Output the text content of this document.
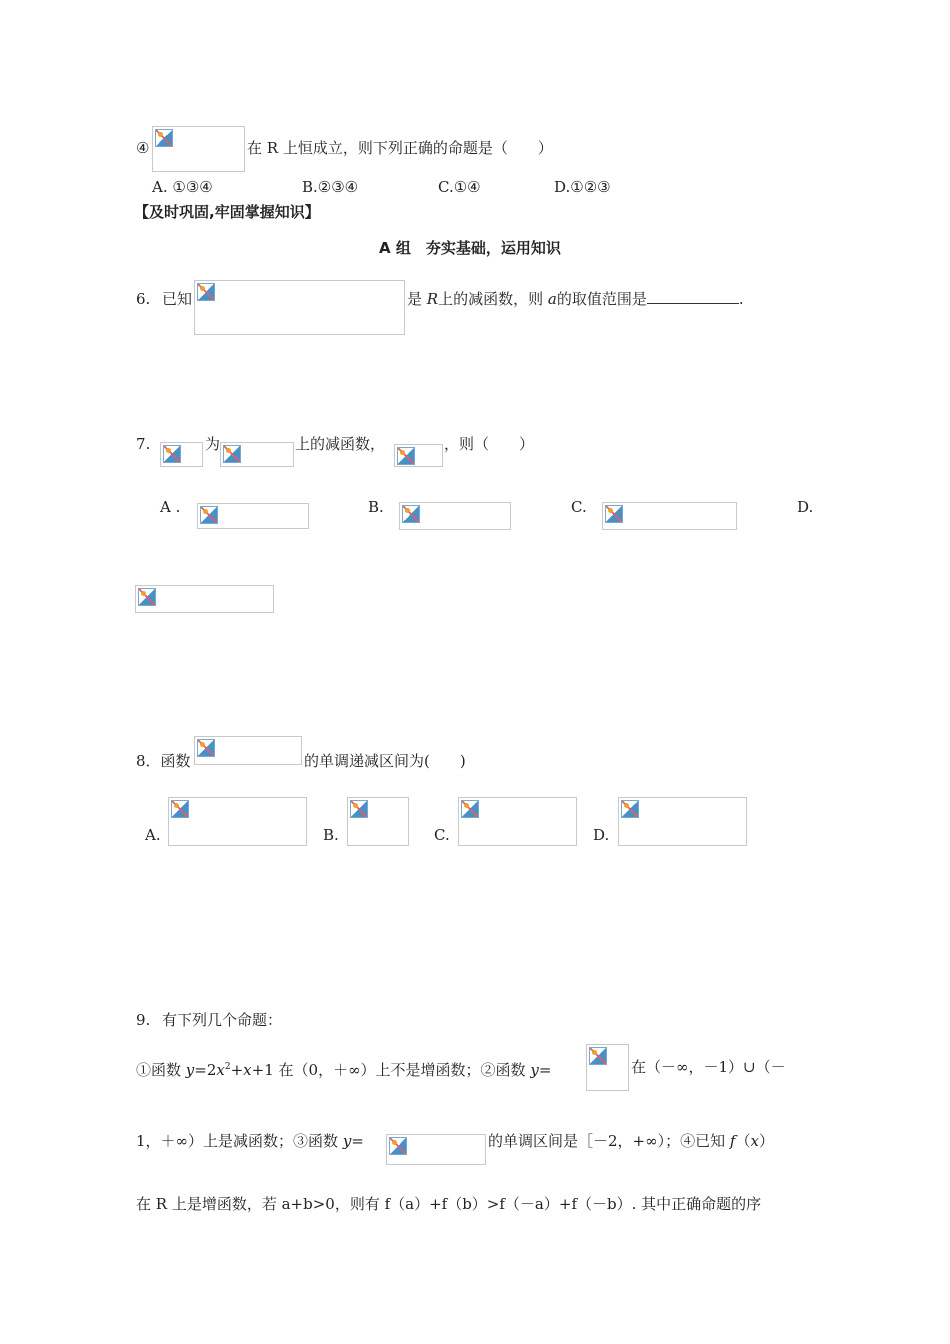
④	在 R 上恒成立，则下列正确的命题是（　　）
A. ①③④	B.②③④	C.①④	D.①②③
【及时巩固,牢固掌握知识】
A 组　夯实基础，运用知识
6. 已知	是 R上的减函数，则 a的取值范围是	.
7.	为	上的减函数，	，则（　　）
A .	B.	C.	D.
8．函数	的单调递减区间为(　　)
A.	B.	C.	D.
9. 有下列几个命题：
①函数 $y=2x^2+x+1$ 在（0，＋∞）上不是增函数；②函数 y=	在（－∞，－1）∪（－
1，＋∞）上是减函数；③函数 y=	的单调区间是［－2，+∞）；④已知 f（x）
在 R 上是增函数，若 a+b>0，则有 f（a）+f（b）>f（－a）+f（－b）. 其中正确命题的序
